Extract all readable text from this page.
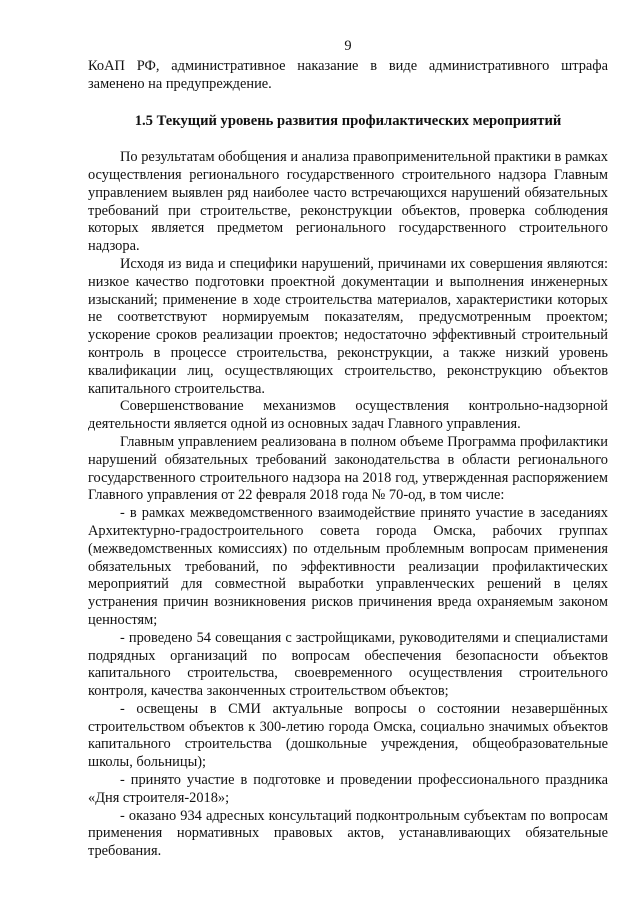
9

КоАП РФ, административное наказание в виде административного штрафа заменено на предупреждение.

1.5 Текущий уровень развития профилактических мероприятий

По результатам обобщения и анализа правоприменительной практики в рамках осуществления регионального государственного строительного надзора Главным управлением выявлен ряд наиболее часто встречающихся нарушений обязательных требований при строительстве, реконструкции объектов, проверка соблюдения которых является предметом регионального государственного строительного надзора.

Исходя из вида и специфики нарушений, причинами их совершения являются: низкое качество подготовки проектной документации и выполнения инженерных изысканий; применение в ходе строительства материалов, характеристики которых не соответствуют нормируемым показателям, предусмотренным проектом; ускорение сроков реализации проектов; недостаточно эффективный строительный контроль в процессе строительства, реконструкции, а также низкий уровень квалификации лиц, осуществляющих строительство, реконструкцию объектов капитального строительства.

Совершенствование механизмов осуществления контрольно-надзорной деятельности является одной из основных задач Главного управления.

Главным управлением реализована в полном объеме Программа профилактики нарушений обязательных требований законодательства в области регионального государственного строительного надзора на 2018 год, утвержденная распоряжением Главного управления от 22 февраля 2018 года № 70-од, в том числе:

- в рамках межведомственного взаимодействие принято участие в заседаниях Архитектурно-градостроительного совета города Омска, рабочих группах (межведомственных комиссиях) по отдельным проблемным вопросам применения обязательных требований, по эффективности реализации профилактических мероприятий для совместной выработки управленческих решений в целях устранения причин возникновения рисков причинения вреда охраняемым законом ценностям;

- проведено 54 совещания с застройщиками, руководителями и специалистами подрядных организаций по вопросам обеспечения безопасности объектов капитального строительства, своевременного осуществления строительного контроля, качества законченных строительством объектов;

- освещены в СМИ актуальные вопросы о состоянии незавершённых строительством объектов к 300-летию города Омска, социально значимых объектов капитального строительства (дошкольные учреждения, общеобразовательные школы, больницы);

- принято участие в подготовке и проведении профессионального праздника «Дня строителя-2018»;

- оказано 934 адресных консультаций подконтрольным субъектам по вопросам применения нормативных правовых актов, устанавливающих обязательные требования.
